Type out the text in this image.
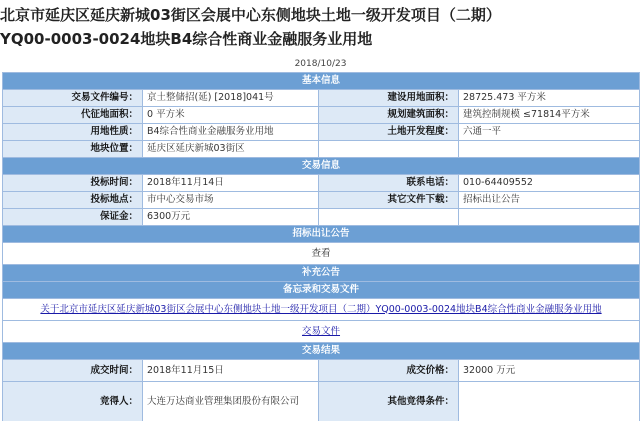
北京市延庆区延庆新城03街区会展中心东侧地块土地一级开发项目（二期）
YQ00-0003-0024地块B4综合性商业金融服务业用地
2018/10/23
基本信息			
交易文件编号：	京土整储招(延) [2018]041号	建设用地面积：	28725.473 平方米
代征地面积：	0 平方米	规划建筑面积：	建筑控制规模 ≤71814平方米
用地性质：	B4综合性商业金融服务业用地	土地开发程度：	六通一平
地块位置：	延庆区延庆新城03街区		
交易信息			
投标时间：	2018年11月14日	联系电话：	010-64409552
投标地点：	市中心交易市场	其它文件下载：	招标出让公告
保证金：	6300万元		
招标出让公告			
查看			
补充公告			
备忘录和交易文件			
关于北京市延庆区延庆新城03街区会展中心东侧地块土地一级开发项目（二期）YQ00-0003-0024地块B4综合性商业金融服务业用地			
交易文件			
交易结果			
成交时间：	2018年11月15日	成交价格：	32000 万元
竞得人：	大连万达商业管理集团股份有限公司	其他竞得条件：	
